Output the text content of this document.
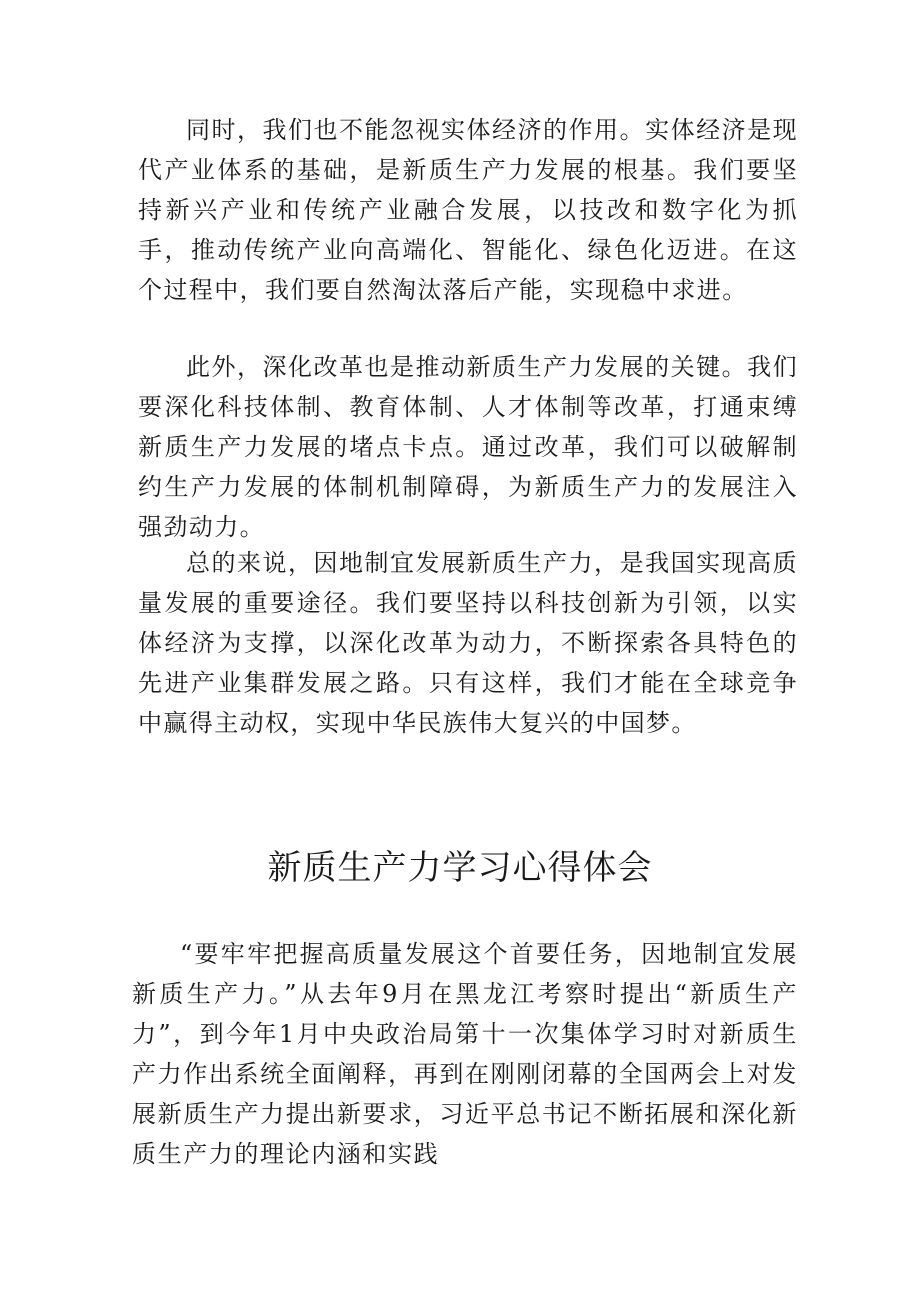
同时，我们也不能忽视实体经济的作用。实体经济是现代产业体系的基础，是新质生产力发展的根基。我们要坚持新兴产业和传统产业融合发展，以技改和数字化为抓手，推动传统产业向高端化、智能化、绿色化迈进。在这个过程中，我们要自然淘汰落后产能，实现稳中求进。

此外，深化改革也是推动新质生产力发展的关键。我们要深化科技体制、教育体制、人才体制等改革，打通束缚新质生产力发展的堵点卡点。通过改革，我们可以破解制约生产力发展的体制机制障碍，为新质生产力的发展注入强劲动力。

总的来说，因地制宜发展新质生产力，是我国实现高质量发展的重要途径。我们要坚持以科技创新为引领，以实体经济为支撑，以深化改革为动力，不断探索各具特色的先进产业集群发展之路。只有这样，我们才能在全球竞争中赢得主动权，实现中华民族伟大复兴的中国梦。

新质生产力学习心得体会

“要牢牢把握高质量发展这个首要任务，因地制宜发展新质生产力。”从去年9月在黑龙江考察时提出“新质生产力”，到今年1月中央政治局第十一次集体学习时对新质生产力作出系统全面阐释，再到在刚刚闭幕的全国两会上对发展新质生产力提出新要求，习近平总书记不断拓展和深化新质生产力的理论内涵和实践
